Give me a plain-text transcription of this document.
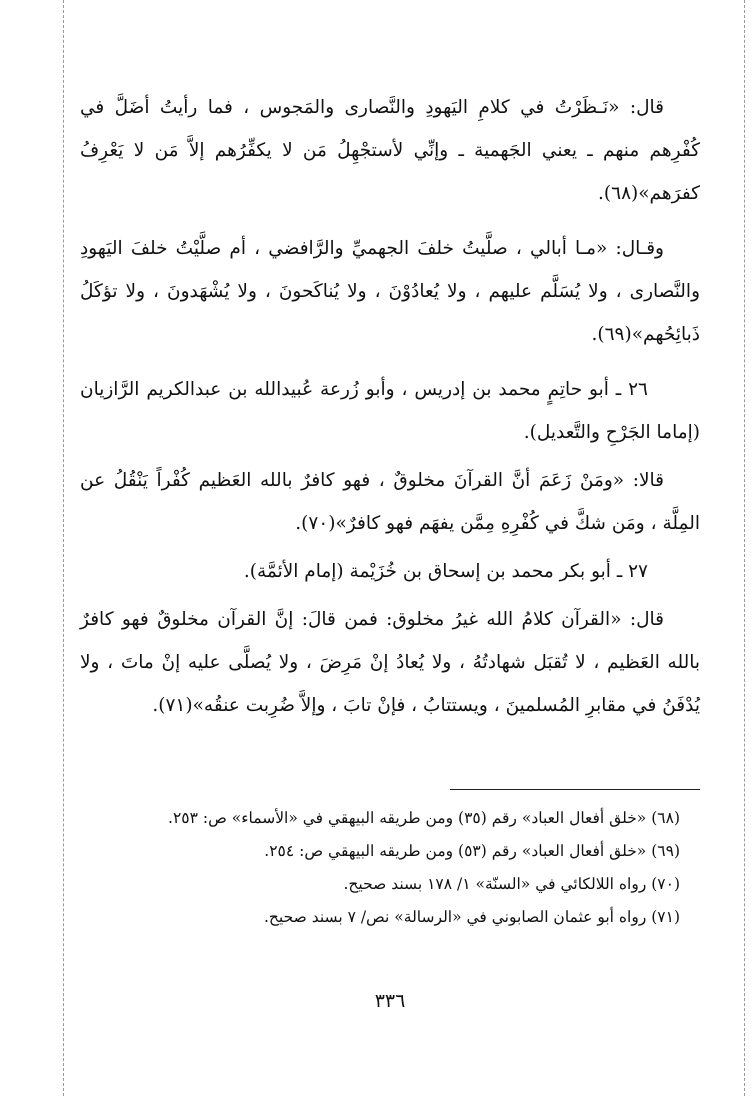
قال: «نَـظَرْتُ في كلامِ اليَهودِ والنَّصارى والمَجوس ، فما رأيتُ أضَلَّ في كُفْرِهم منهم ـ يعني الجَهمية ـ وإنِّي لأستجْهِلُ مَن لا يكفِّرُهم إلاَّ مَن لا يَعْرِفُ كفرَهم»(٦٨).

وقـال: «مـا أبالي ، صلَّيتُ خلفَ الجهميِّ والرَّافضي ، أم صلَّيْتُ خلفَ اليَهودِ والنَّصارى ، ولا يُسَلَّم عليهم ، ولا يُعادُوْنَ ، ولا يُناكَحونَ ، ولا يُشْهَدونَ ، ولا تؤكَلُ ذَبائِحُهم»(٦٩).

٢٦ ـ أبو حاتِمٍ محمد بن إدريس ، وأبو زُرعة عُبيدالله بن عبدالكريم الرَّازيان (إماما الجَرْحِ والتَّعديل).

قالا: «ومَنْ زَعَمَ أنَّ القرآنَ مخلوقٌ ، فهو كافرٌ بالله العَظيم كُفْراً يَنْقُلُ عن المِلَّة ، ومَن شكَّ في كُفْرِهِ مِمَّن يفهَم فهو كافرٌ»(٧٠).

٢٧ ـ أبو بكر محمد بن إسحاق بن خُزَيْمة (إمام الأئمَّة).

قال: «القرآن كلامُ الله غيرُ مخلوق: فمن قالَ: إنَّ القرآن مخلوقٌ فهو كافرٌ بالله العَظيم ، لا تُقبَل شهادتُهُ ، ولا يُعادُ إنْ مَرِضَ ، ولا يُصلَّى عليه إنْ ماتَ ، ولا يُدْفَنُ في مقابرِ المُسلمينَ ، ويستتابُ ، فإنْ تابَ ، وإلاَّ ضُرِبت عنقُه»(٧١).

(٦٨) «خلق أفعال العباد» رقم (٣٥) ومن طريقه البيهقي في «الأسماء» ص: ٢٥٣.

(٦٩) «خلق أفعال العباد» رقم (٥٣) ومن طريقه البيهقي ص: ٢٥٤.

(٧٠) رواه اللالكائي في «السنّة» ١/ ١٧٨ بسند صحيح.

(٧١) رواه أبو عثمان الصابوني في «الرسالة» نص/ ٧ بسند صحيح.

٣٣٦
